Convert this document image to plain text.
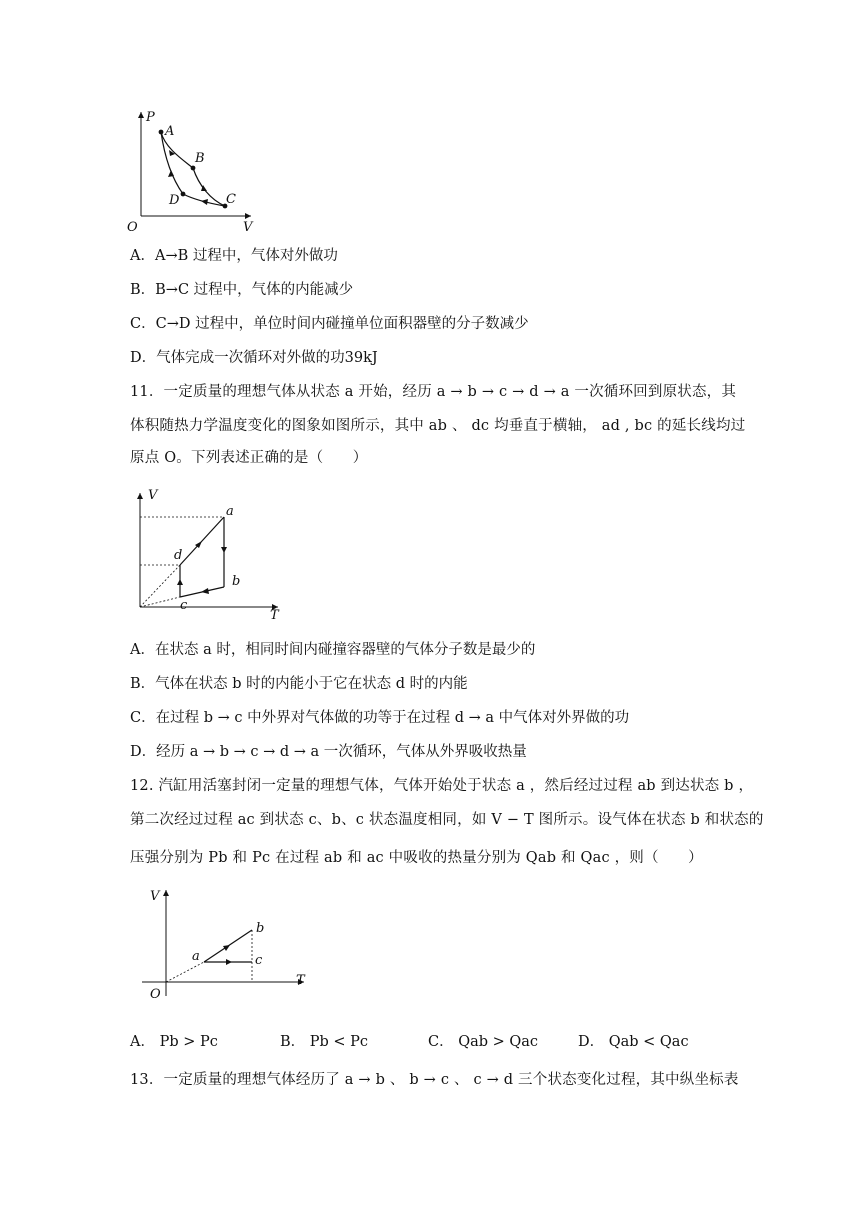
P
V
O
A
B
C
D
A．A→B 过程中，气体对外做功
B．B→C 过程中，气体的内能减少
C．C→D 过程中，单位时间内碰撞单位面积器壁的分子数减少
D．气体完成一次循环对外做的功39kJ
11．一定质量的理想气体从状态 a 开始，经历 a → b → c → d → a 一次循环回到原状态，其
体积随热力学温度变化的图象如图所示，其中 ab 、 dc 均垂直于横轴， ad , bc 的延长线均过
原点 O。下列表述正确的是（　　）
V
T
a
b
c
d
A．在状态 a 时，相同时间内碰撞容器壁的气体分子数是最少的
B．气体在状态 b 时的内能小于它在状态 d 时的内能
C．在过程 b → c 中外界对气体做的功等于在过程 d → a 中气体对外界做的功
D．经历 a → b → c → d → a 一次循环，气体从外界吸收热量
12. 汽缸用活塞封闭一定量的理想气体，气体开始处于状态 a ，然后经过过程 ab 到达状态 b ，
第二次经过过程 ac 到状态 c、b、c 状态温度相同，如 V − T 图所示。设气体在状态 b 和状态的
压强分别为 Pb 和 Pc 在过程 ab 和 ac 中吸收的热量分别为 Qab 和 Qac ，则（　　）
V
T
O
a
b
c
A． Pb > Pc	B． Pb < Pc	C． Qab > Qac	D． Qab < Qac
13．一定质量的理想气体经历了 a → b 、 b → c 、 c → d 三个状态变化过程，其中纵坐标表
